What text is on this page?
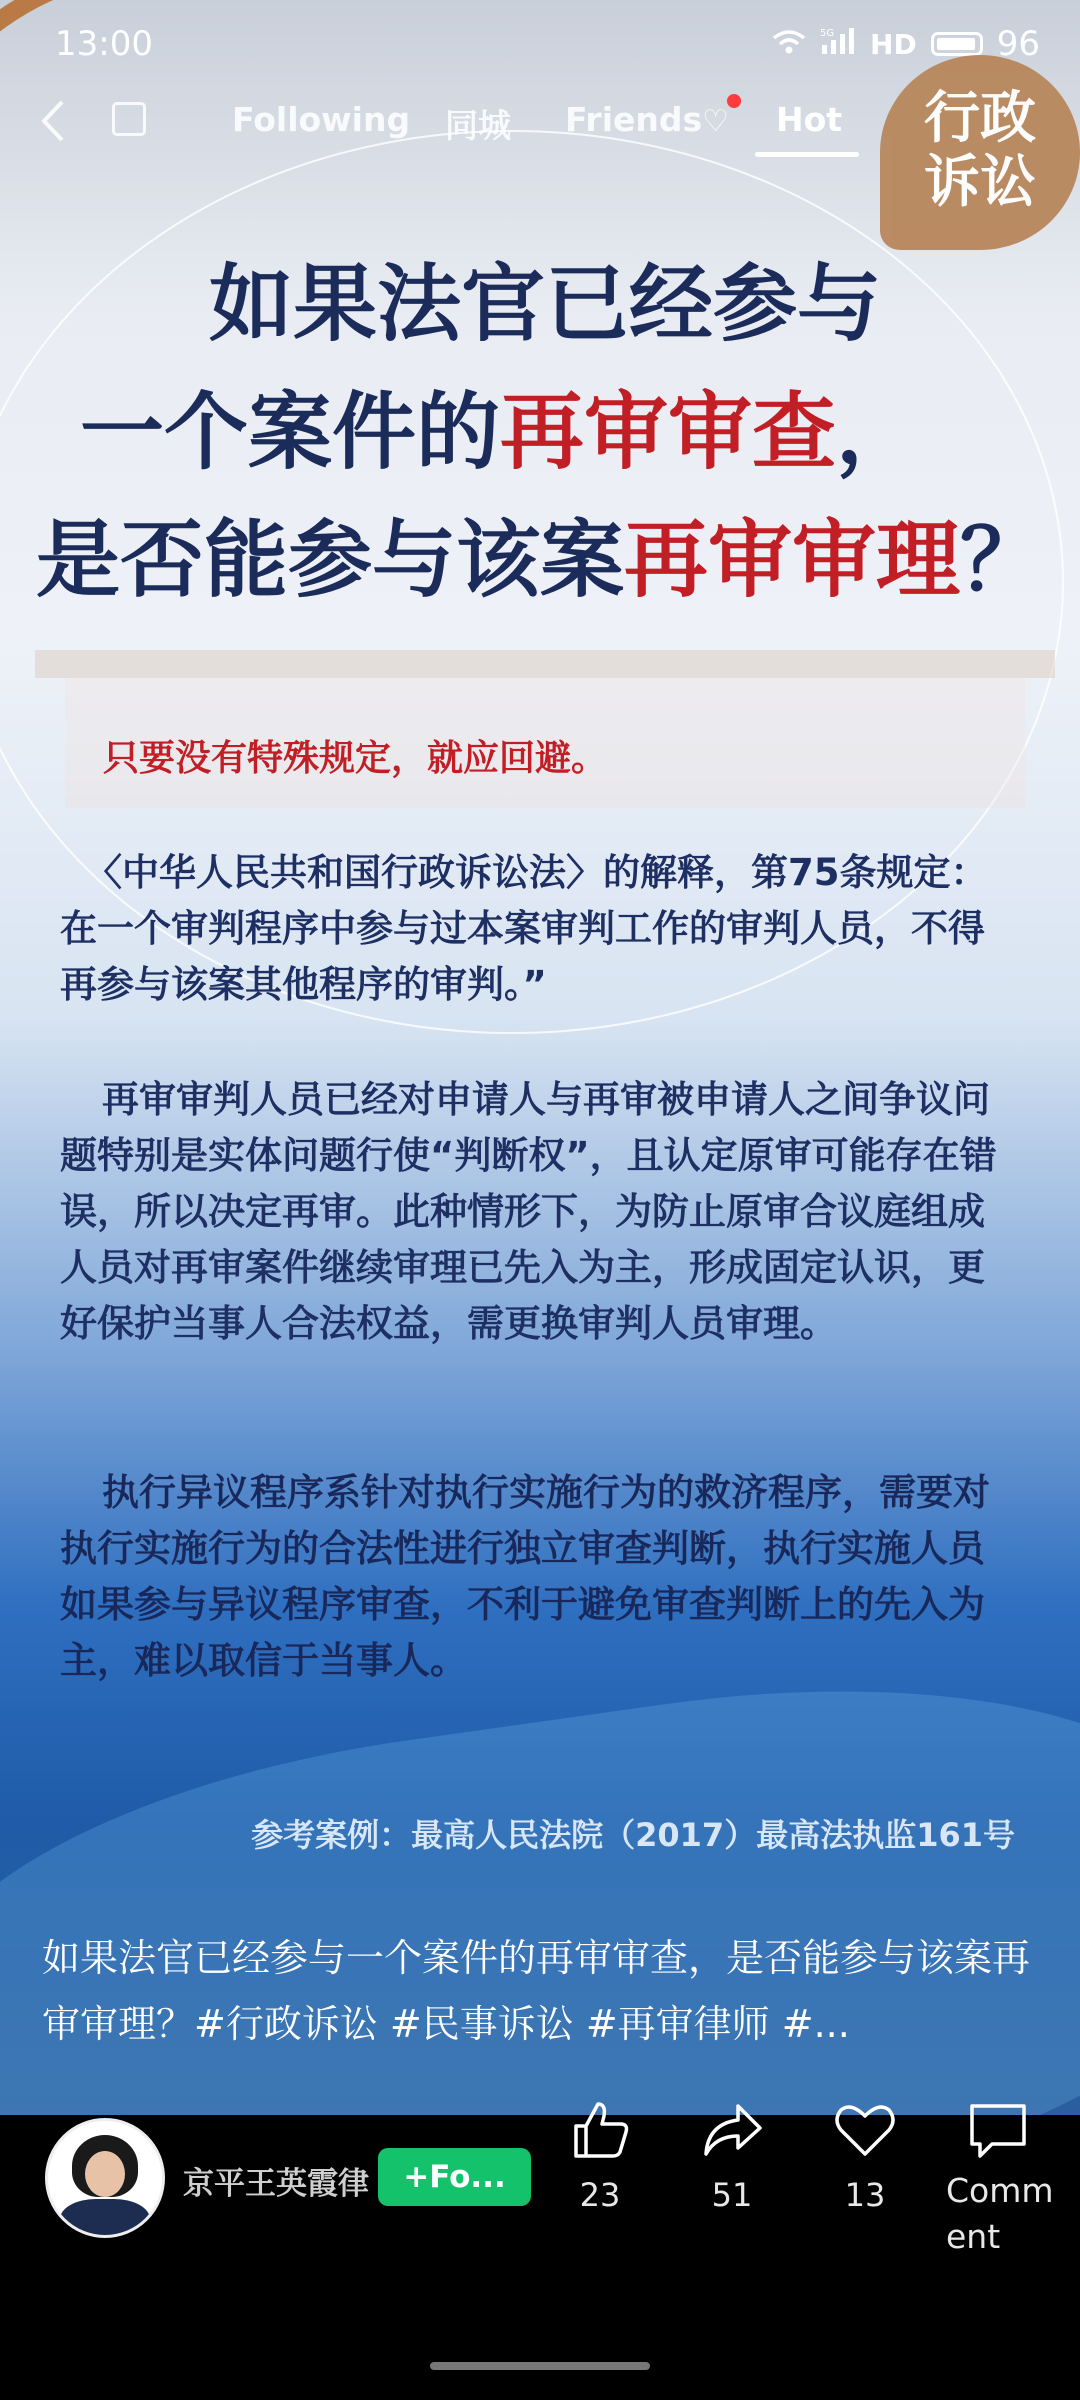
13:00	5G HD 96
Following 同城 Friends♡ Hot	行政
诉讼
如果法官已经参与
一个案件的再审审查，
是否能参与该案再审审理？
只要没有特殊规定，就应回避。
〈中华人民共和国行政诉讼法〉的解释，第75条规定：在一个审判程序中参与过本案审判工作的审判人员，不得再参与该案其他程序的审判。”
再审审判人员已经对申请人与再审被申请人之间争议问题特别是实体问题行使“判断权”，且认定原审可能存在错误，所以决定再审。此种情形下，为防止原审合议庭组成人员对再审案件继续审理已先入为主，形成固定认识，更好保护当事人合法权益，需更换审判人员审理。
执行异议程序系针对执行实施行为的救济程序，需要对执行实施行为的合法性进行独立审查判断，执行实施人员如果参与异议程序审查，不利于避免审查判断上的先入为主，难以取信于当事人。
参考案例：最高人民法院（2017）最高法执监161号
如果法官已经参与一个案件的再审审查，是否能参与该案再审审理？#行政诉讼 #民事诉讼 #再审律师 #...
京平王英霞律	+Fo...	23	51	13	Comm
ent
